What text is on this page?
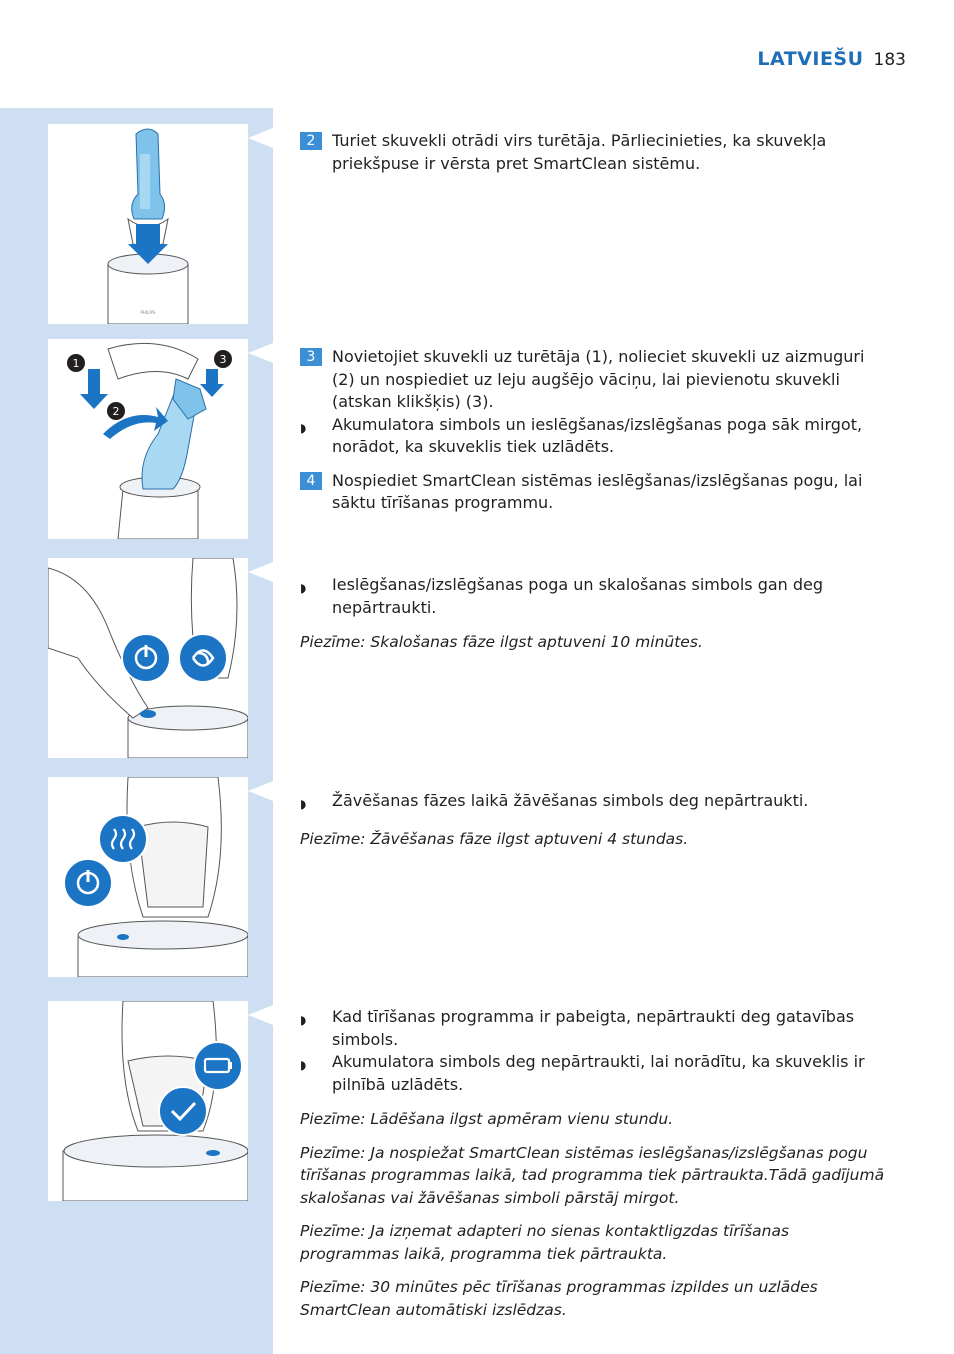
LATVIEŠU 183
PHILIPS
1
2
3
2	Turiet skuvekli otrādi virs turētāja. Pārliecinieties, ka skuvekļa priekšpuse ir vērsta pret SmartClean sistēmu.
3	Novietojiet skuvekli uz turētāja (1), nolieciet skuvekli uz aizmuguri (2) un nospiediet uz leju augšējo vāciņu, lai pievienotu skuvekli (atskan klikšķis) (3).
◗
Akumulatora simbols un ieslēgšanas/izslēgšanas poga sāk mirgot, norādot, ka skuveklis tiek uzlādēts.
4	Nospiediet SmartClean sistēmas ieslēgšanas/izslēgšanas pogu, lai sāktu tīrīšanas programmu.
◗
Ieslēgšanas/izslēgšanas poga un skalošanas simbols gan deg nepārtraukti.
Piezīme: Skalošanas fāze ilgst aptuveni 10 minūtes.
◗
Žāvēšanas fāzes laikā žāvēšanas simbols deg nepārtraukti.
Piezīme: Žāvēšanas fāze ilgst aptuveni 4 stundas.
◗
Kad tīrīšanas programma ir pabeigta, nepārtraukti deg gatavības simbols.
◗
Akumulatora simbols deg nepārtraukti, lai norādītu, ka skuveklis ir pilnībā uzlādēts.
Piezīme: Lādēšana ilgst apmēram vienu stundu.
Piezīme: Ja nospiežat SmartClean sistēmas ieslēgšanas/izslēgšanas pogu tīrīšanas programmas laikā, tad programma tiek pārtraukta.Tādā gadījumā skalošanas vai žāvēšanas simboli pārstāj mirgot.
Piezīme: Ja izņemat adapteri no sienas kontaktligzdas tīrīšanas programmas laikā, programma tiek pārtraukta.
Piezīme: 30 minūtes pēc tīrīšanas programmas izpildes un uzlādes SmartClean automātiski izslēdzas.
